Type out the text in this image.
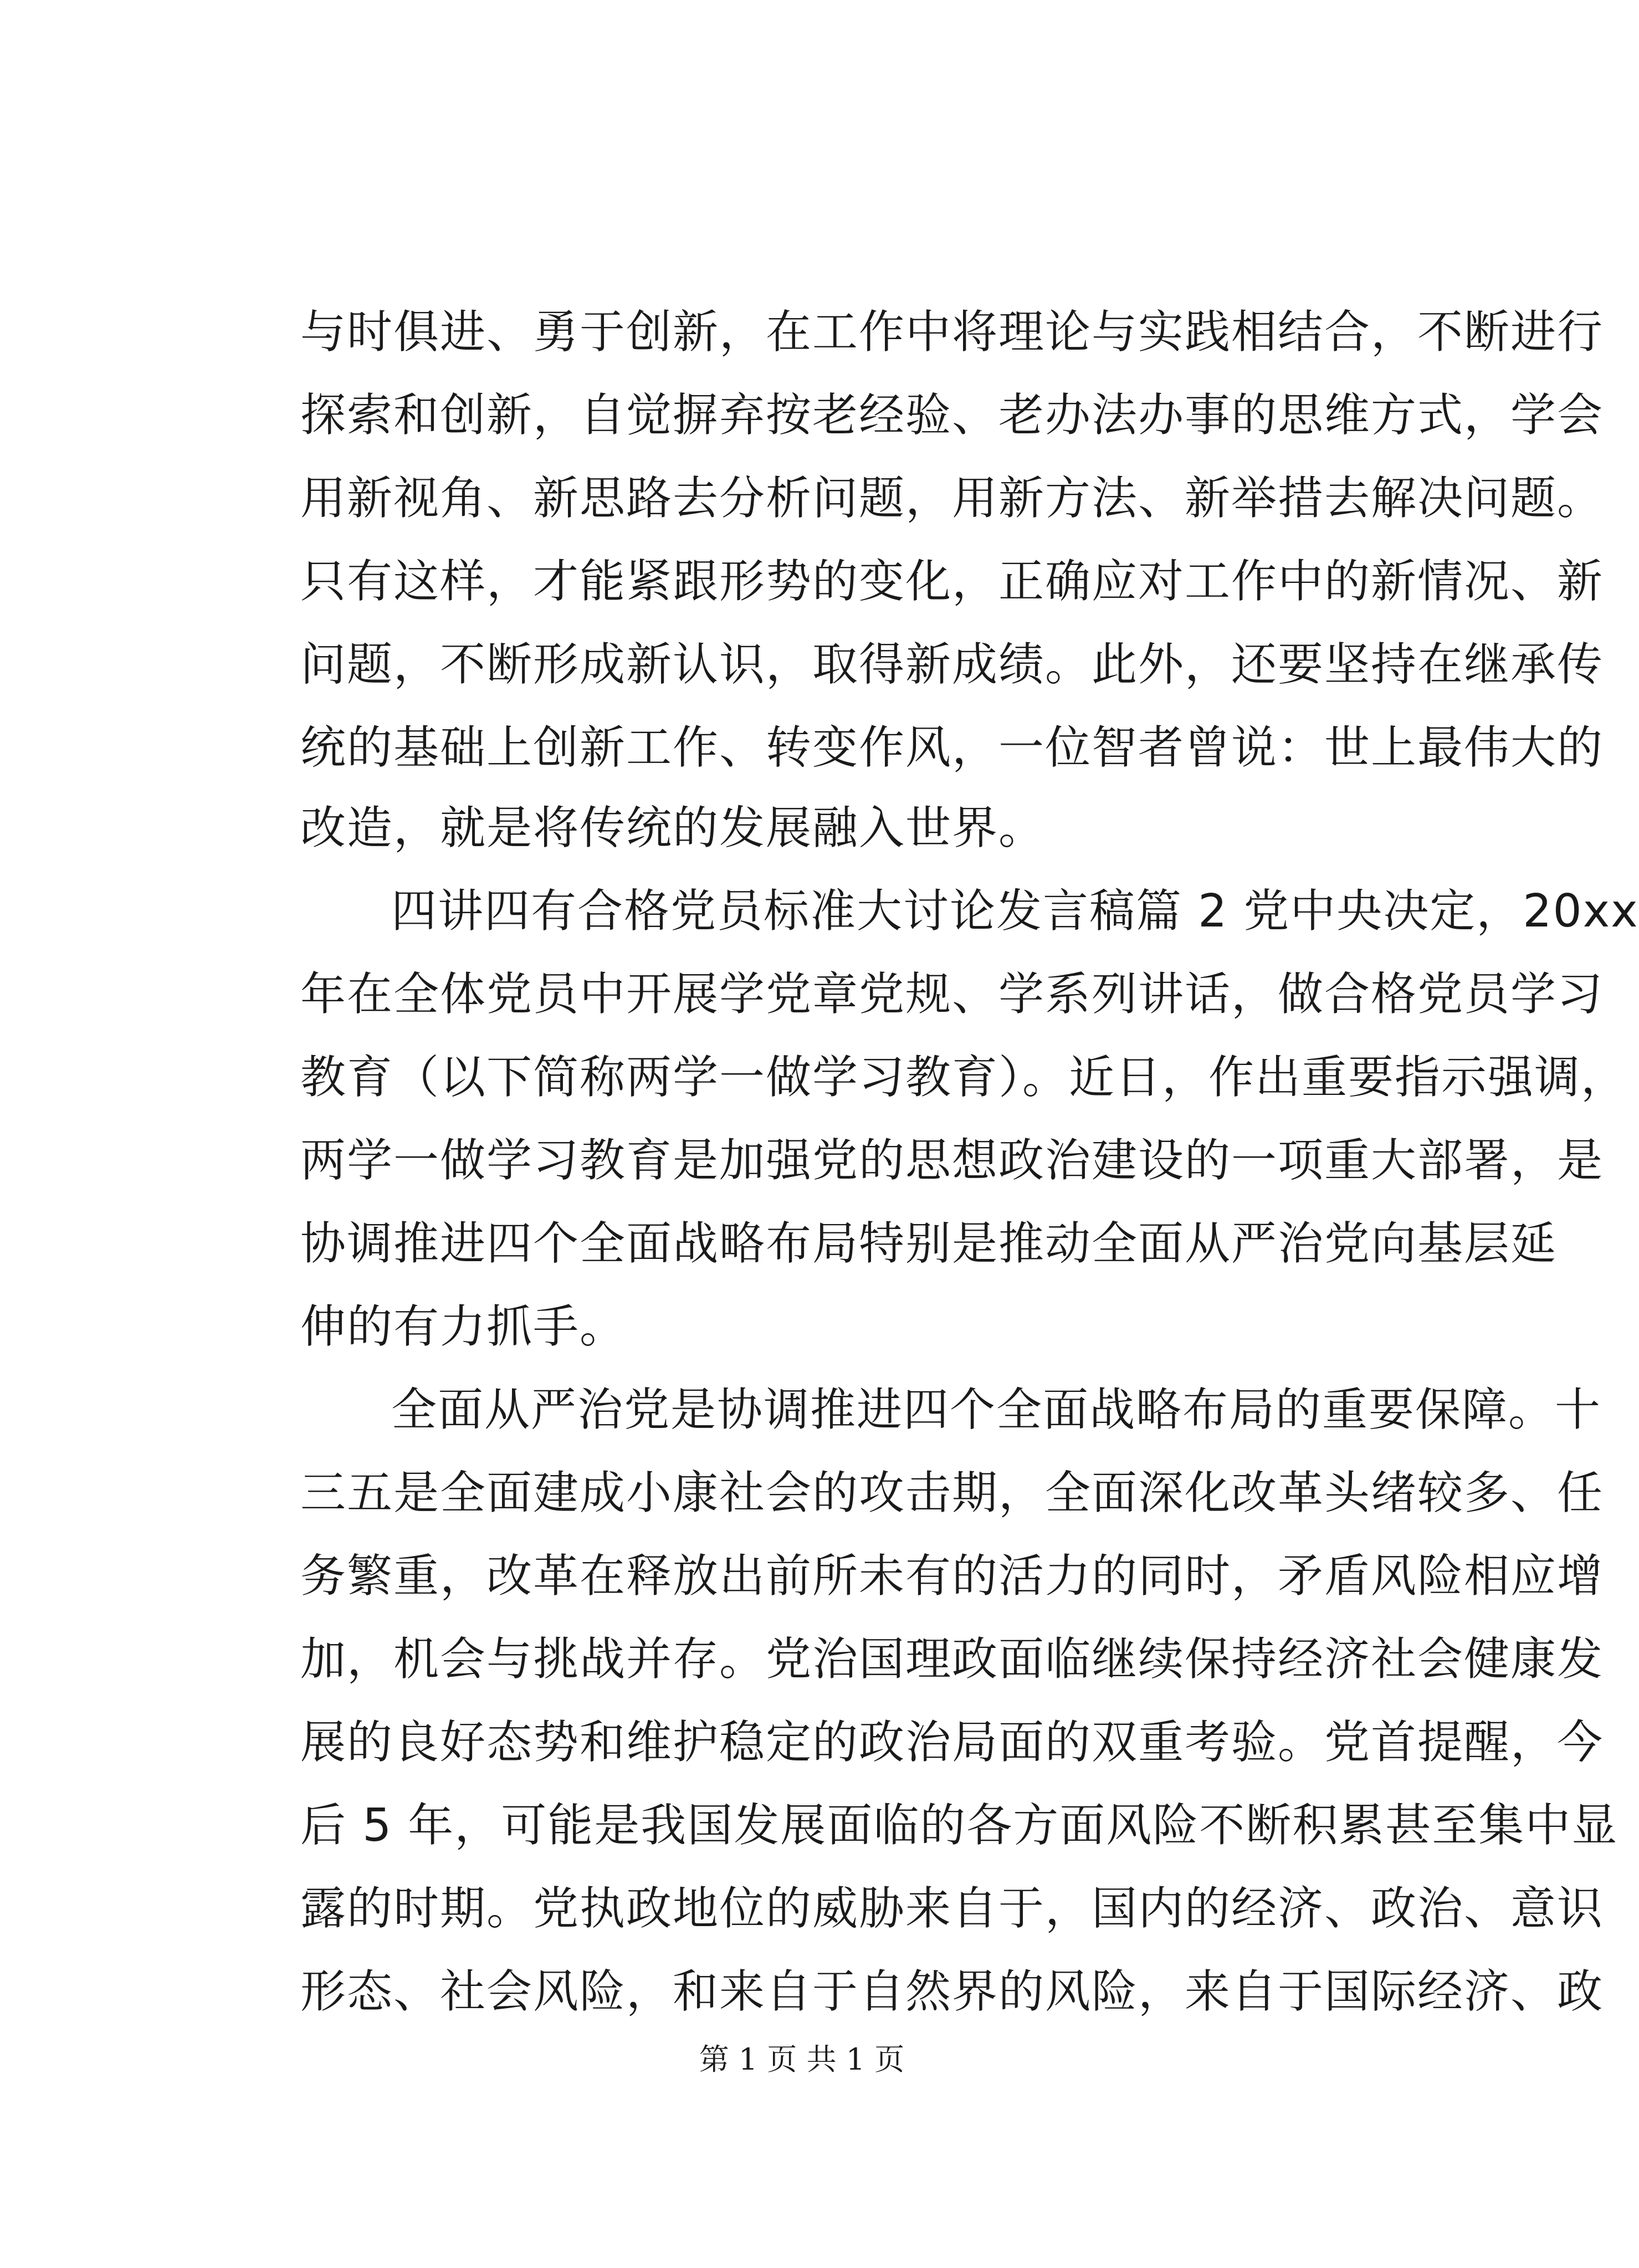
与时俱进、勇于创新，在工作中将理论与实践相结合，不断进行
探索和创新，自觉摒弃按老经验、老办法办事的思维方式，学会
用新视角、新思路去分析问题，用新方法、新举措去解决问题。
只有这样，才能紧跟形势的变化，正确应对工作中的新情况、新
问题，不断形成新认识，取得新成绩。此外，还要坚持在继承传
统的基础上创新工作、转变作风，一位智者曾说：世上最伟大的
改造，就是将传统的发展融入世界。
四讲四有合格党员标准大讨论发言稿篇 2 党中央决定，20xx
年在全体党员中开展学党章党规、学系列讲话，做合格党员学习
教育（以下简称两学一做学习教育）。近日，作出重要指示强调，
两学一做学习教育是加强党的思想政治建设的一项重大部署，是
协调推进四个全面战略布局特别是推动全面从严治党向基层延
伸的有力抓手。
全面从严治党是协调推进四个全面战略布局的重要保障。十
三五是全面建成小康社会的攻击期，全面深化改革头绪较多、任
务繁重，改革在释放出前所未有的活力的同时，矛盾风险相应增
加，机会与挑战并存。党治国理政面临继续保持经济社会健康发
展的良好态势和维护稳定的政治局面的双重考验。党首提醒，今
后 5 年，可能是我国发展面临的各方面风险不断积累甚至集中显
露的时期。党执政地位的威胁来自于，国内的经济、政治、意识
形态、社会风险，和来自于自然界的风险，来自于国际经济、政
第 1 页 共 1 页
